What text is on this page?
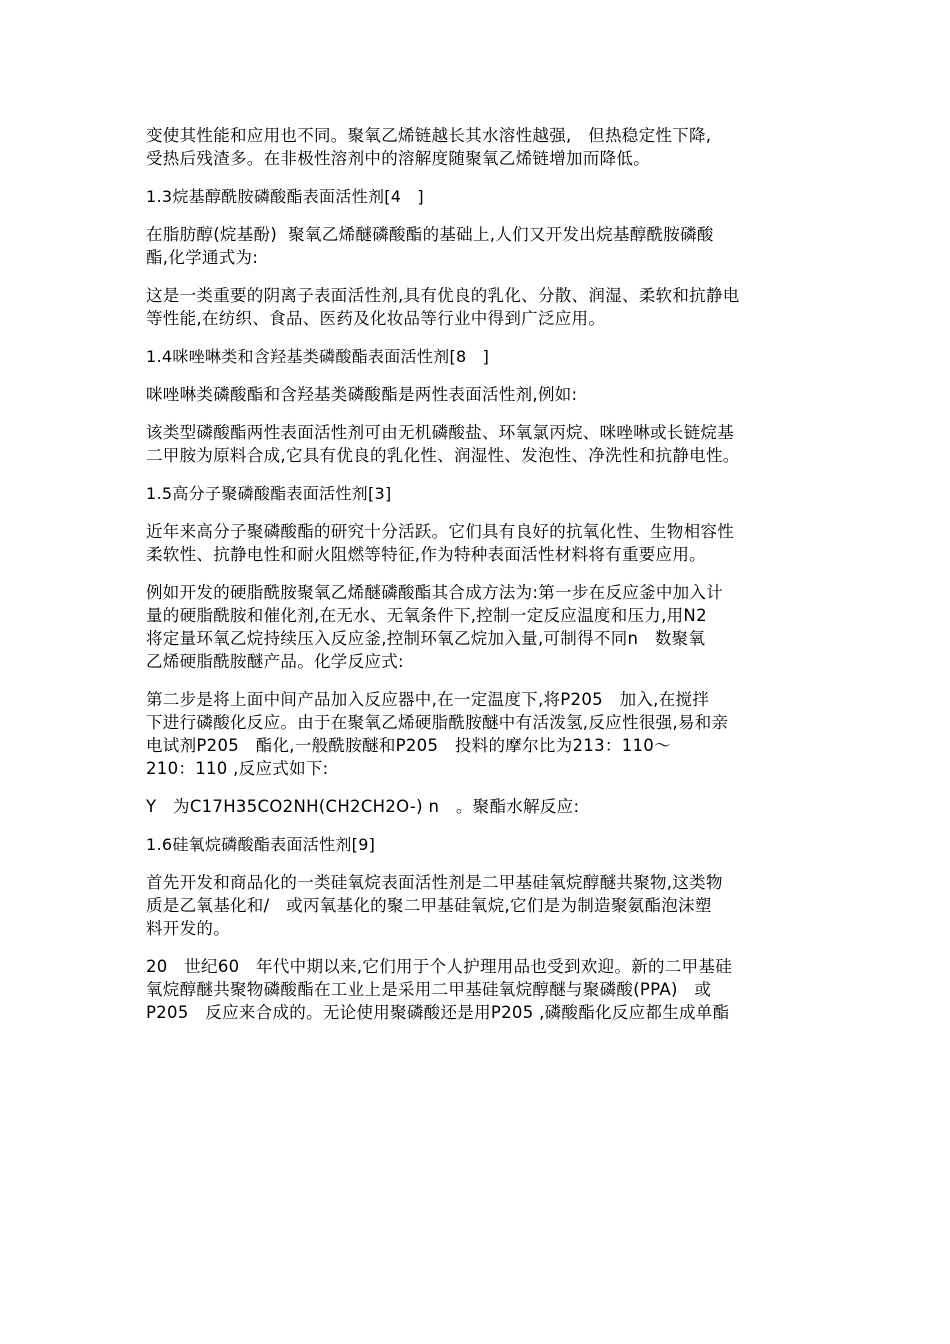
变使其性能和应用也不同。聚氧乙烯链越长其水溶性越强,   但热稳定性下降,
受热后残渣多。在非极性溶剂中的溶解度随聚氧乙烯链增加而降低。
1.3烷基醇酰胺磷酸酯表面活性剂[4   ]
在脂肪醇(烷基酚)  聚氧乙烯醚磷酸酯的基础上,人们又开发出烷基醇酰胺磷酸
酯,化学通式为:
这是一类重要的阴离子表面活性剂,具有优良的乳化、分散、润湿、柔软和抗静电
等性能,在纺织、食品、医药及化妆品等行业中得到广泛应用。
1.4咪唑啉类和含羟基类磷酸酯表面活性剂[8   ]
咪唑啉类磷酸酯和含羟基类磷酸酯是两性表面活性剂,例如:
该类型磷酸酯两性表面活性剂可由无机磷酸盐、环氧氯丙烷、咪唑啉或长链烷基
二甲胺为原料合成,它具有优良的乳化性、润湿性、发泡性、净洗性和抗静电性。
1.5高分子聚磷酸酯表面活性剂[3]
近年来高分子聚磷酸酯的研究十分活跃。它们具有良好的抗氧化性、生物相容性
柔软性、抗静电性和耐火阻燃等特征,作为特种表面活性材料将有重要应用。
例如开发的硬脂酰胺聚氧乙烯醚磷酸酯其合成方法为:第一步在反应釜中加入计
量的硬脂酰胺和催化剂,在无水、无氧条件下,控制一定反应温度和压力,用N2
将定量环氧乙烷持续压入反应釜,控制环氧乙烷加入量,可制得不同n   数聚氧
乙烯硬脂酰胺醚产品。化学反应式:
第二步是将上面中间产品加入反应器中,在一定温度下,将P205   加入,在搅拌
下进行磷酸化反应。由于在聚氧乙烯硬脂酰胺醚中有活泼氢,反应性很强,易和亲
电试剂P205   酯化,一般酰胺醚和P205   投料的摩尔比为213：110～
210：110 ,反应式如下:
Y   为C17H35CO2NH(CH2CH2O-) n   。聚酯水解反应:
1.6硅氧烷磷酸酯表面活性剂[9]
首先开发和商品化的一类硅氧烷表面活性剂是二甲基硅氧烷醇醚共聚物,这类物
质是乙氧基化和/   或丙氧基化的聚二甲基硅氧烷,它们是为制造聚氨酯泡沫塑
料开发的。
20   世纪60   年代中期以来,它们用于个人护理用品也受到欢迎。新的二甲基硅
氧烷醇醚共聚物磷酸酯在工业上是采用二甲基硅氧烷醇醚与聚磷酸(PPA)   或
P205   反应来合成的。无论使用聚磷酸还是用P205 ,磷酸酯化反应都生成单酯
